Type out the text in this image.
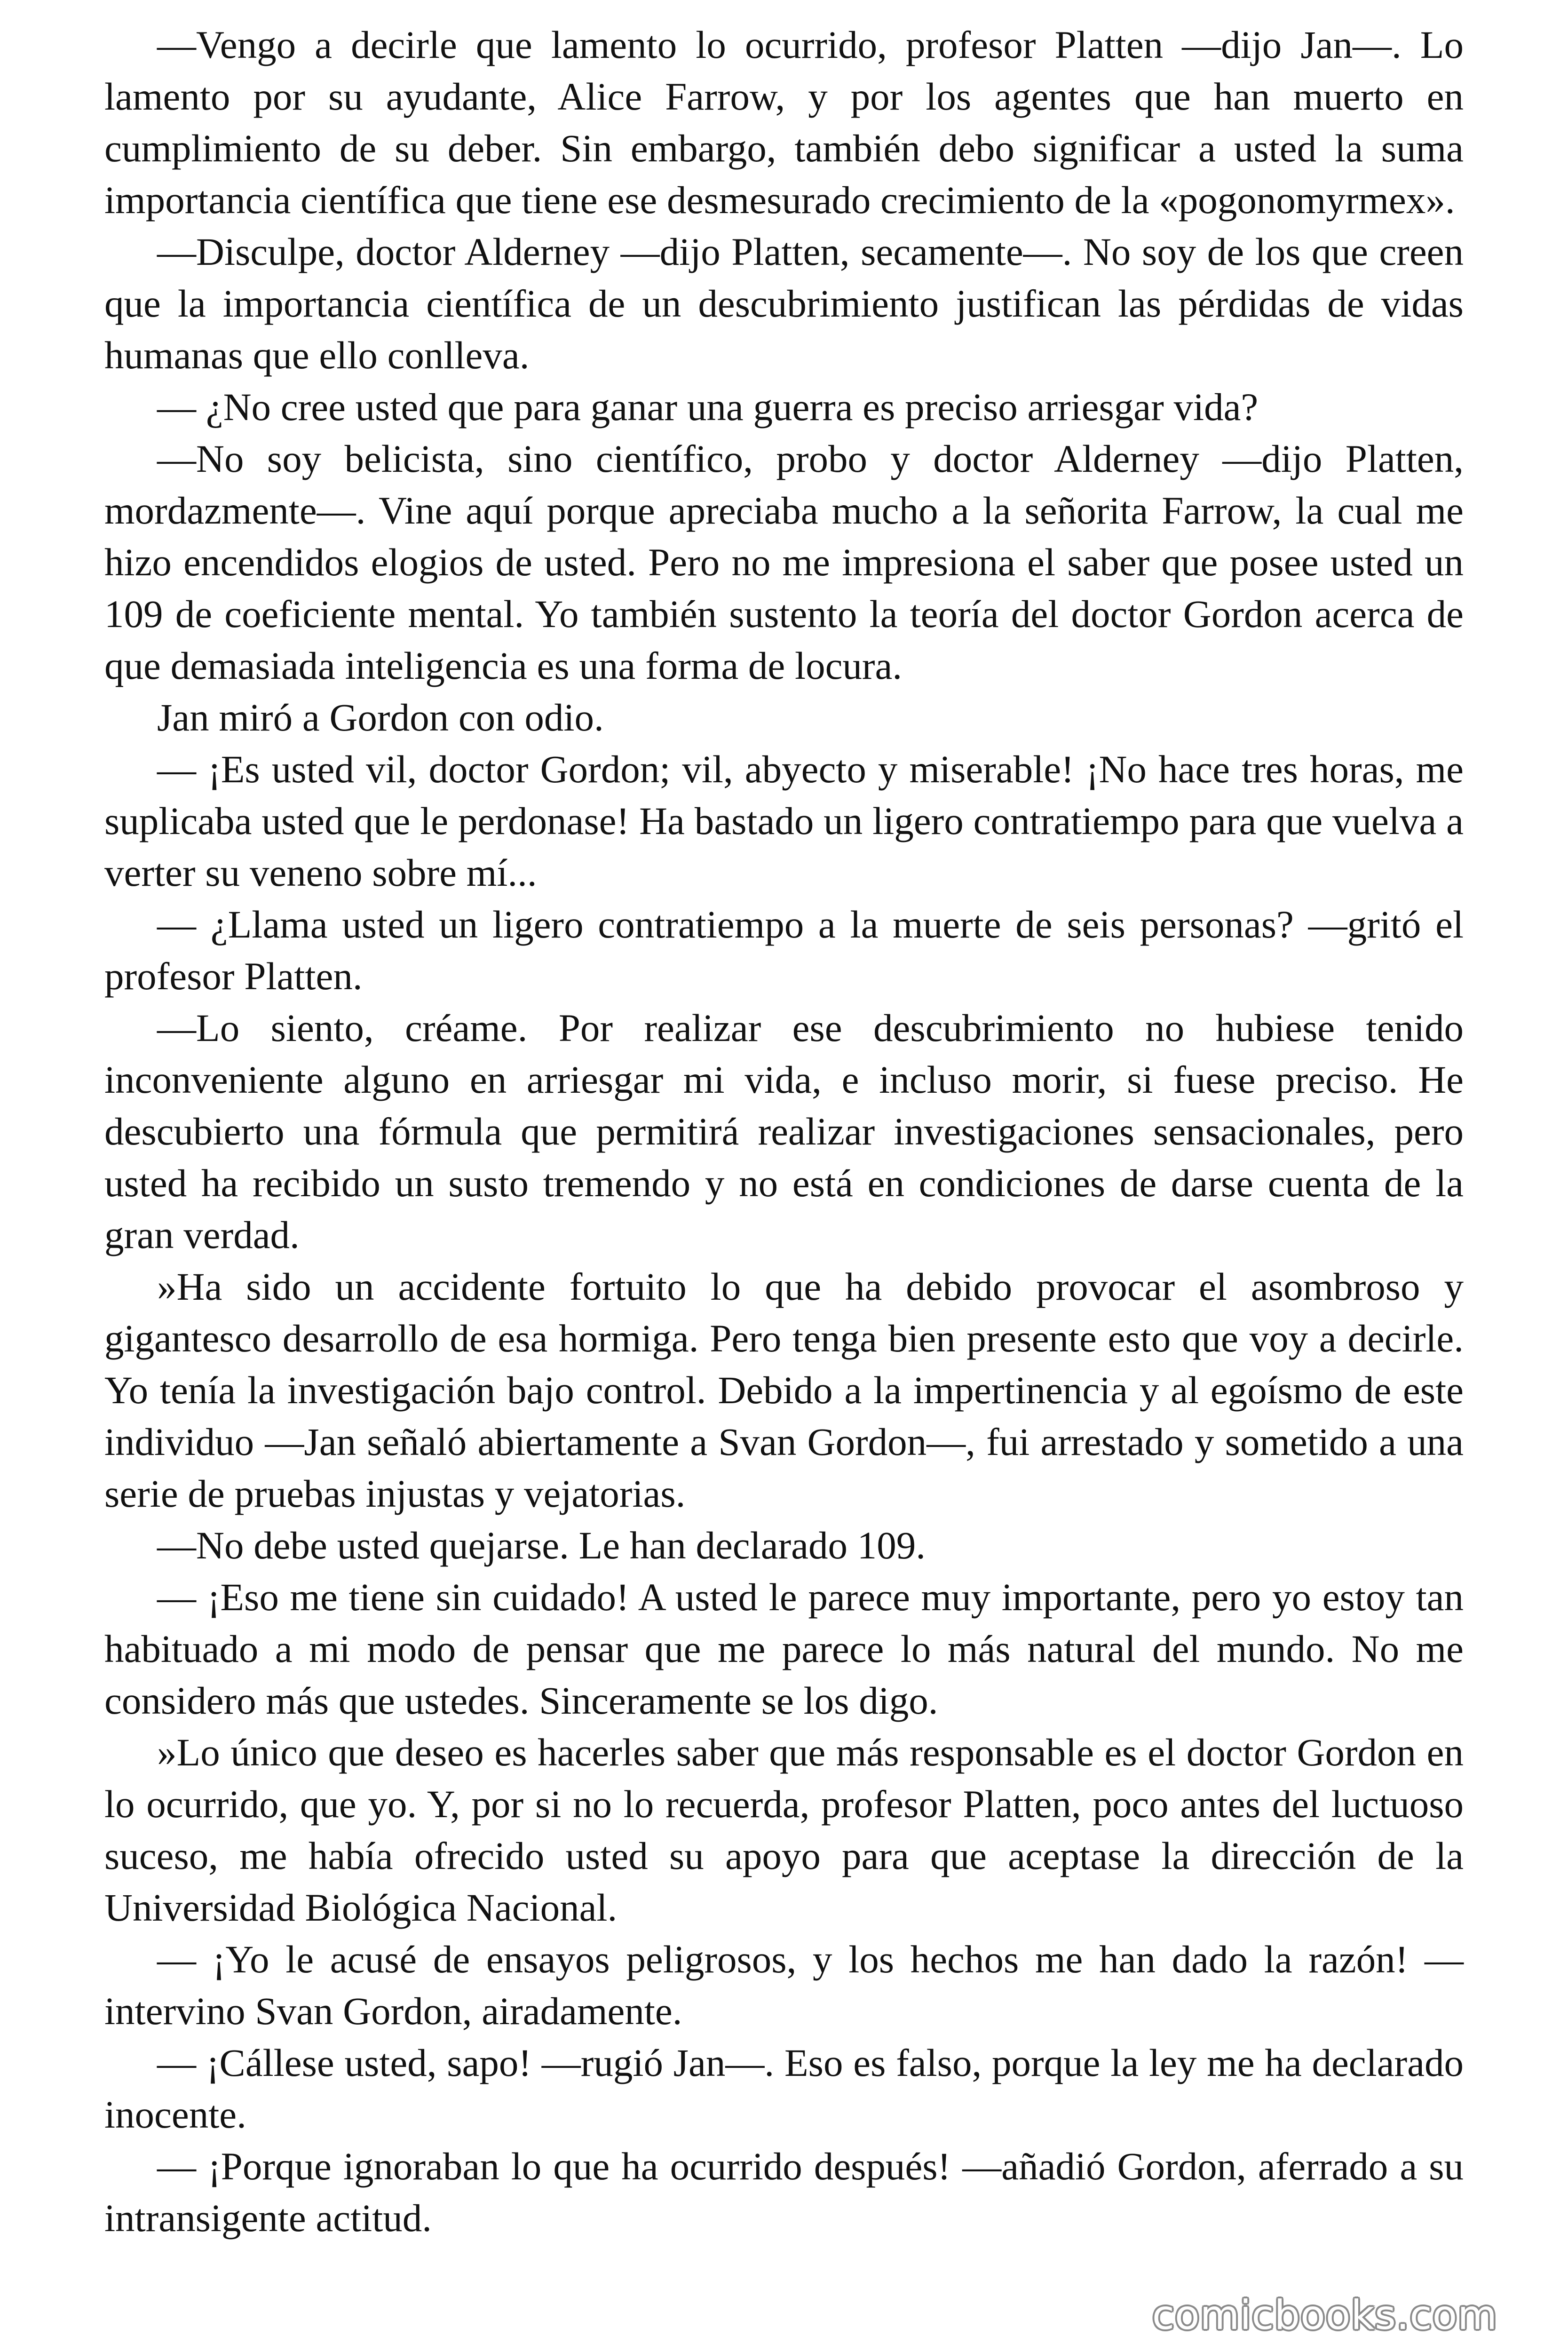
—Vengo a decirle que lamento lo ocurrido, profesor Platten —dijo Jan—. Lo lamento por su ayudante, Alice Farrow, y por los agentes que han muerto en cumplimiento de su deber. Sin embargo, también debo significar a usted la suma importancia científica que tiene ese desmesurado crecimiento de la «pogonomyrmex».

—Disculpe, doctor Alderney —dijo Platten, secamente—. No soy de los que creen que la importancia científica de un descubrimiento justifican las pérdidas de vidas humanas que ello conlleva.

— ¿No cree usted que para ganar una guerra es preciso arriesgar vida?

—No soy belicista, sino científico, probo y doctor Alderney —dijo Platten, mordazmente—. Vine aquí porque apreciaba mucho a la señorita Farrow, la cual me hizo encendidos elogios de usted. Pero no me impresiona el saber que posee usted un 109 de coeficiente mental. Yo también sustento la teoría del doctor Gordon acerca de que demasiada inteligencia es una forma de locura.

Jan miró a Gordon con odio.

— ¡Es usted vil, doctor Gordon; vil, abyecto y miserable! ¡No hace tres horas, me suplicaba usted que le perdonase! Ha bastado un ligero contratiempo para que vuelva a verter su veneno sobre mí...

— ¿Llama usted un ligero contratiempo a la muerte de seis personas? —gritó el profesor Platten.

—Lo siento, créame. Por realizar ese descubrimiento no hubiese tenido inconveniente alguno en arriesgar mi vida, e incluso morir, si fuese preciso. He descubierto una fórmula que permitirá realizar investigaciones sensacionales, pero usted ha recibido un susto tremendo y no está en condiciones de darse cuenta de la gran verdad.

»Ha sido un accidente fortuito lo que ha debido provocar el asombroso y gigantesco desarrollo de esa hormiga. Pero tenga bien presente esto que voy a decirle. Yo tenía la investigación bajo control. Debido a la impertinencia y al egoísmo de este individuo —Jan señaló abiertamente a Svan Gordon—, fui arrestado y sometido a una serie de pruebas injustas y vejatorias.

—No debe usted quejarse. Le han declarado 109.

— ¡Eso me tiene sin cuidado! A usted le parece muy importante, pero yo estoy tan habituado a mi modo de pensar que me parece lo más natural del mundo. No me considero más que ustedes. Sinceramente se los digo.

»Lo único que deseo es hacerles saber que más responsable es el doctor Gordon en lo ocurrido, que yo. Y, por si no lo recuerda, profesor Platten, poco antes del luctuoso suceso, me había ofrecido usted su apoyo para que aceptase la dirección de la Universidad Biológica Nacional.

— ¡Yo le acusé de ensayos peligrosos, y los hechos me han dado la razón! —intervino Svan Gordon, airadamente.

— ¡Cállese usted, sapo! —rugió Jan—. Eso es falso, porque la ley me ha declarado inocente.

— ¡Porque ignoraban lo que ha ocurrido después! —añadió Gordon, aferrado a su intransigente actitud.

comicbooks.com
